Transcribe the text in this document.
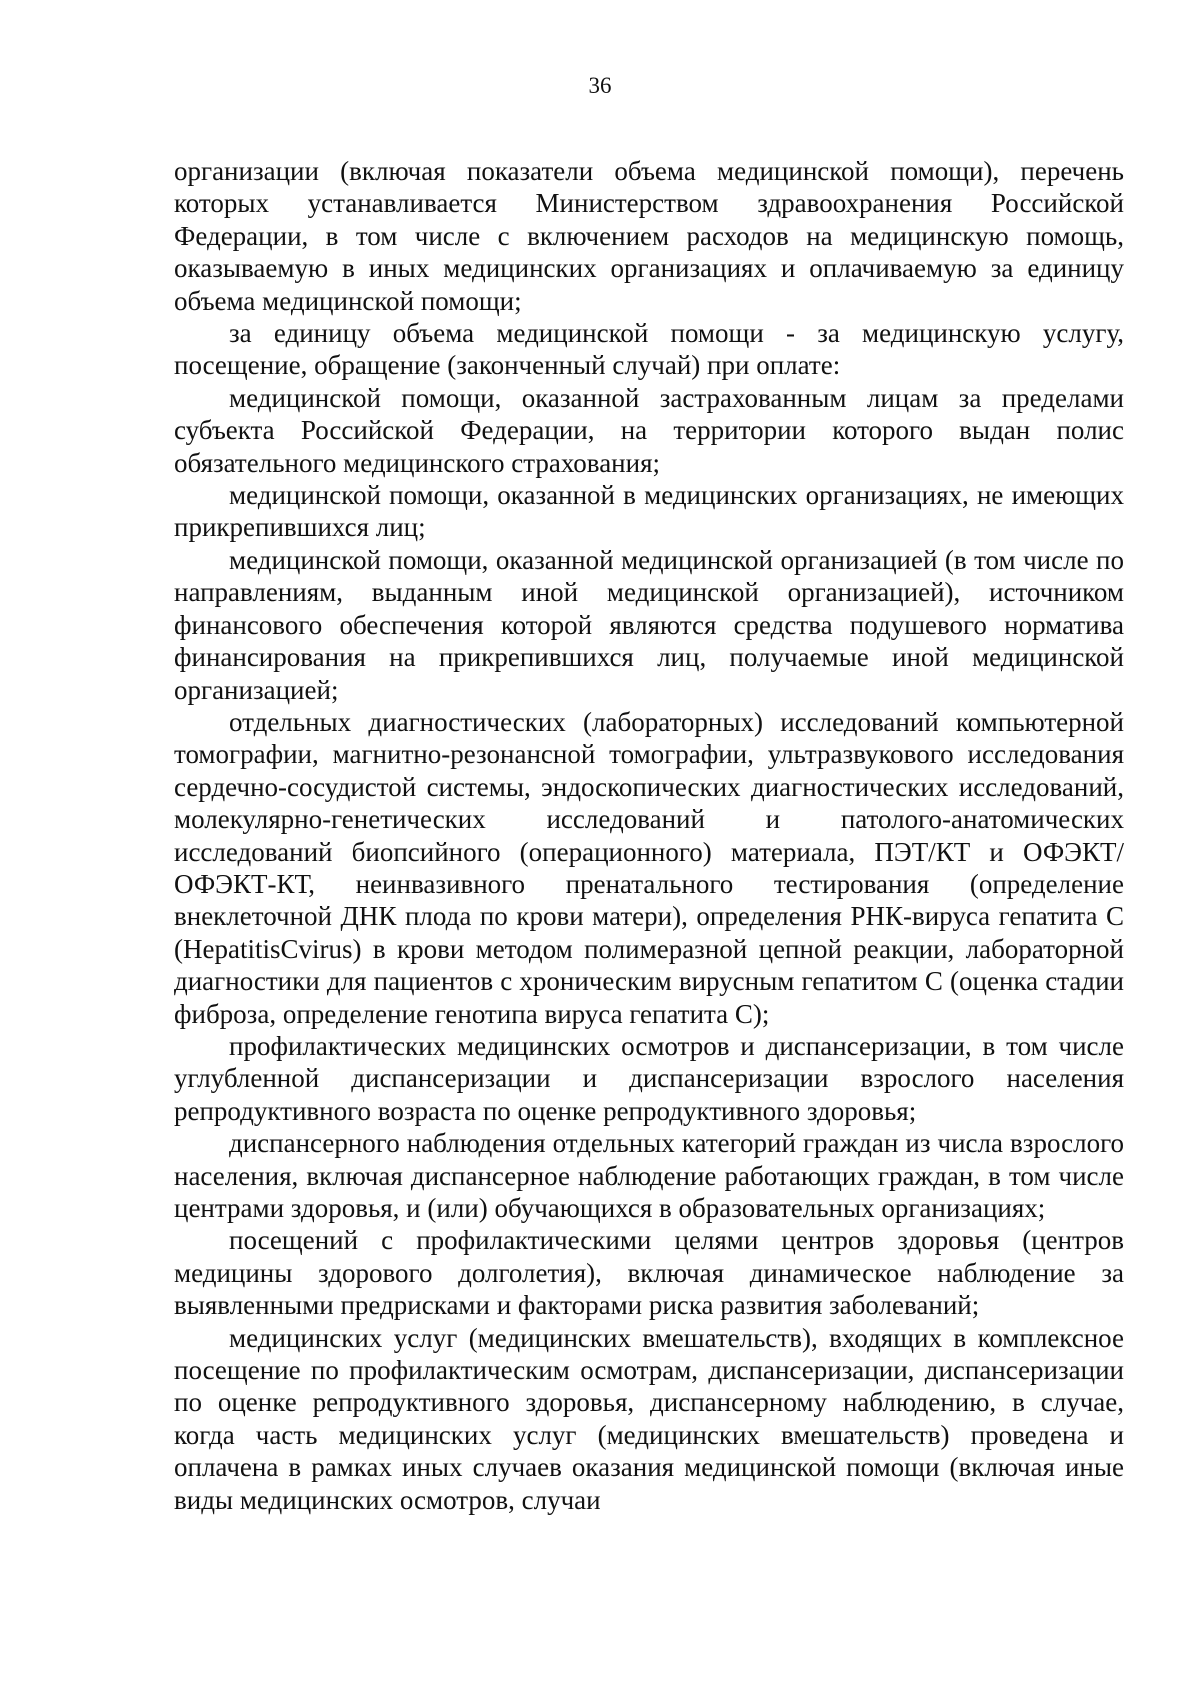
36

организации (включая показатели объема медицинской помощи), перечень которых устанавливается Министерством здравоохранения Российской Федерации, в том числе с включением расходов на медицинскую помощь, оказываемую в иных медицинских организациях и оплачиваемую за единицу объема медицинской помощи;

за единицу объема медицинской помощи - за медицинскую услугу, посещение, обращение (законченный случай) при оплате:

медицинской помощи, оказанной застрахованным лицам за пределами субъекта Российской Федерации, на территории которого выдан полис обязательного медицинского страхования;

медицинской помощи, оказанной в медицинских организациях, не имеющих прикрепившихся лиц;

медицинской помощи, оказанной медицинской организацией (в том числе по направлениям, выданным иной медицинской организацией), источником финансового обеспечения которой являются средства подушевого норматива финансирования на прикрепившихся лиц, получаемые иной медицинской организацией;

отдельных диагностических (лабораторных) исследований компьютерной томографии, магнитно-резонансной томографии, ультразвукового исследования сердечно-сосудистой системы, эндоскопических диагностических исследований, молекулярно-генетических исследований и патолого-анатомических исследований биопсийного (операционного) материала, ПЭТ/КТ и ОФЭКТ/ОФЭКТ-КТ, неинвазивного пренатального тестирования (определение внеклеточной ДНК плода по крови матери), определения РНК-вируса гепатита С (HepatitisCvirus) в крови методом полимеразной цепной реакции, лабораторной диагностики для пациентов с хроническим вирусным гепатитом С (оценка стадии фиброза, определение генотипа вируса гепатита С);

профилактических медицинских осмотров и диспансеризации, в том числе углубленной диспансеризации и диспансеризации взрослого населения репродуктивного возраста по оценке репродуктивного здоровья;

диспансерного наблюдения отдельных категорий граждан из числа взрослого населения, включая диспансерное наблюдение работающих граждан, в том числе центрами здоровья, и (или) обучающихся в образовательных организациях;

посещений с профилактическими целями центров здоровья (центров медицины здорового долголетия), включая динамическое наблюдение за выявленными предрисками и факторами риска развития заболеваний;

медицинских услуг (медицинских вмешательств), входящих в комплексное посещение по профилактическим осмотрам, диспансеризации, диспансеризации по оценке репродуктивного здоровья, диспансерному наблюдению, в случае, когда часть медицинских услуг (медицинских вмешательств) проведена и оплачена в рамках иных случаев оказания медицинской помощи (включая иные виды медицинских осмотров, случаи
